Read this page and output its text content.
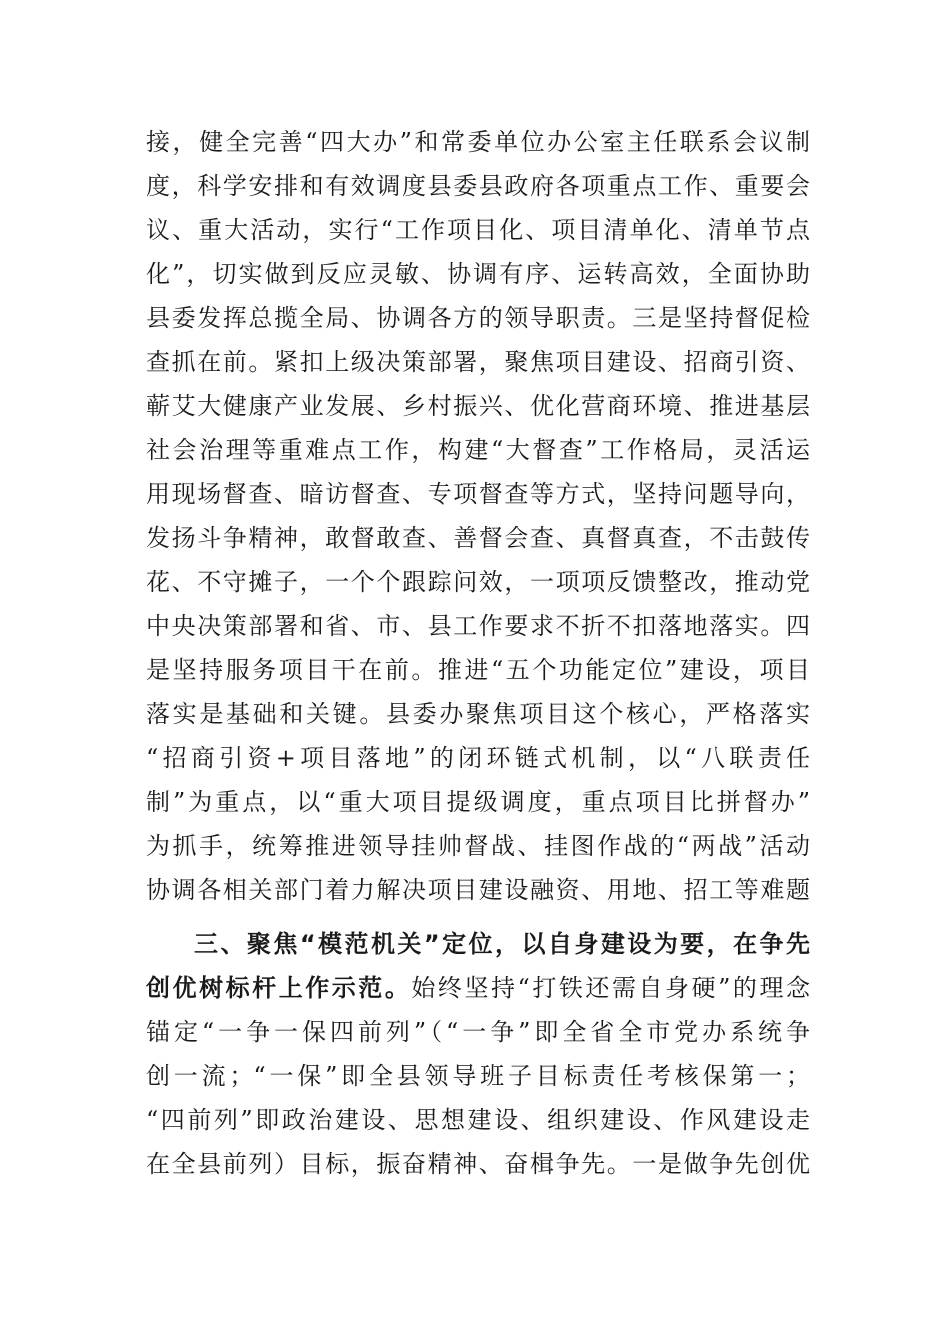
接，健全完善“四大办”和常委单位办公室主任联系会议制
度，科学安排和有效调度县委县政府各项重点工作、重要会
议、重大活动，实行“工作项目化、项目清单化、清单节点
化”，切实做到反应灵敏、协调有序、运转高效，全面协助
县委发挥总揽全局、协调各方的领导职责。三是坚持督促检
查抓在前。紧扣上级决策部署，聚焦项目建设、招商引资、
蕲艾大健康产业发展、乡村振兴、优化营商环境、推进基层
社会治理等重难点工作，构建“大督查”工作格局，灵活运
用现场督查、暗访督查、专项督查等方式，坚持问题导向，
发扬斗争精神，敢督敢查、善督会查、真督真查，不击鼓传
花、不守摊子，一个个跟踪问效，一项项反馈整改，推动党
中央决策部署和省、市、县工作要求不折不扣落地落实。四
是坚持服务项目干在前。推进“五个功能定位”建设，项目
落实是基础和关键。县委办聚焦项目这个核心，严格落实
“招商引资+项目落地”的闭环链式机制，以“八联责任
制”为重点，以“重大项目提级调度，重点项目比拼督办”
为抓手，统筹推进领导挂帅督战、挂图作战的“两战”活动
协调各相关部门着力解决项目建设融资、用地、招工等难题
三、聚焦“模范机关”定位，以自身建设为要，在争先
创优树标杆上作示范。始终坚持“打铁还需自身硬”的理念
锚定“一争一保四前列”（“一争”即全省全市党办系统争
创一流；“一保”即全县领导班子目标责任考核保第一；
“四前列”即政治建设、思想建设、组织建设、作风建设走
在全县前列）目标，振奋精神、奋楫争先。一是做争先创优
